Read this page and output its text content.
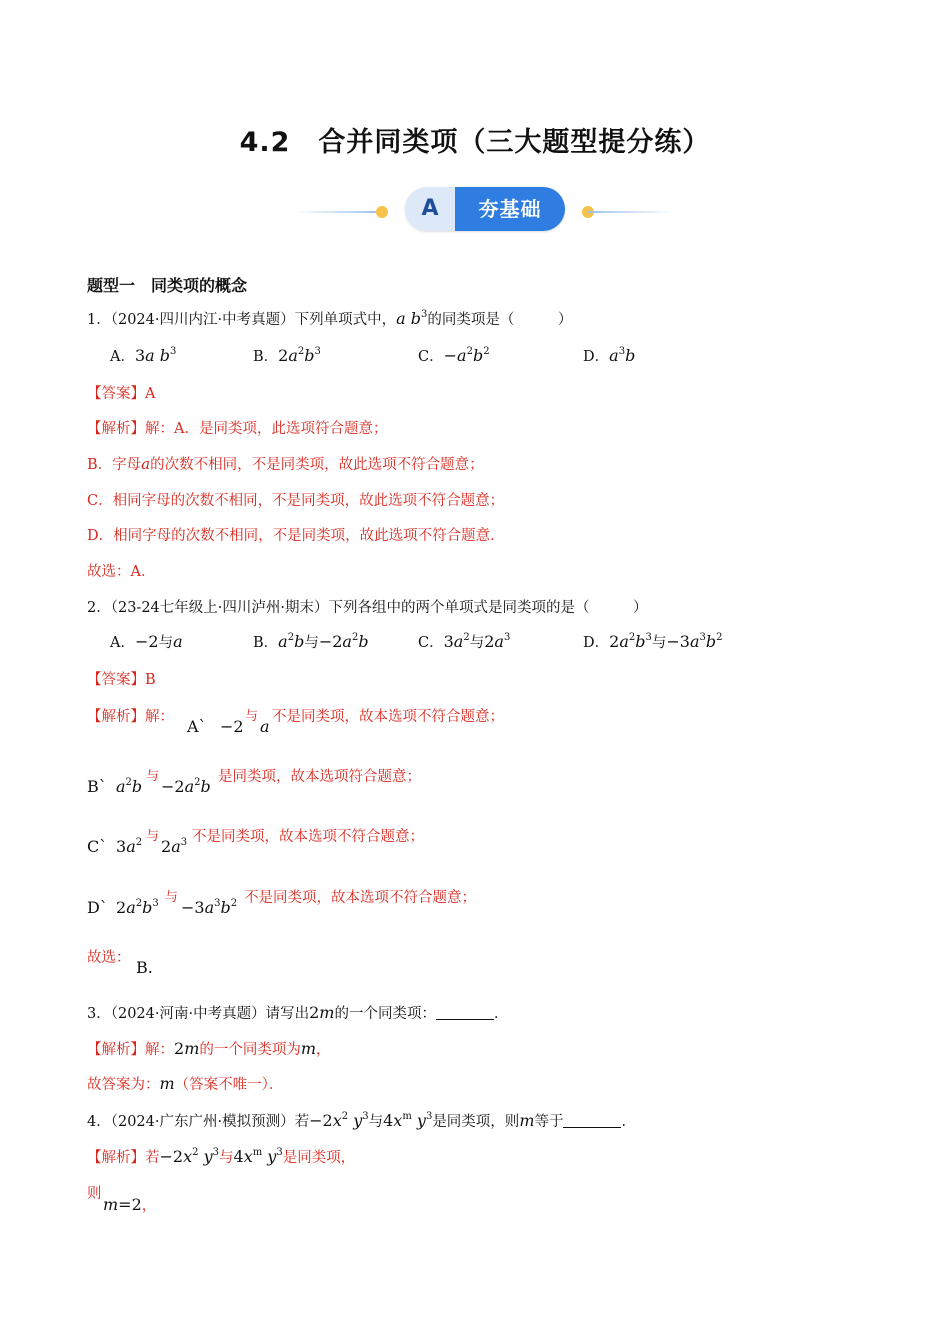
4.2　合并同类项（三大题型提分练）
A	夯基础
题型一　同类项的概念
1．（2024·四川内江·中考真题）下列单项式中，a $b^3$的同类项是（　　　）
A．3a $b^3$	B．$2a^2b^3$	C．$-a^2b^2$	D．$a^3b$
【答案】A
【解析】解：A．是同类项，此选项符合题意；
B．字母a的次数不相同，不是同类项，故此选项不符合题意；
C．相同字母的次数不相同，不是同类项，故此选项不符合题意；
D．相同字母的次数不相同，不是同类项，故此选项不符合题意．
故选：A．
2．（23-24七年级上·四川泸州·期末）下列各组中的两个单项式是同类项的是（　　　）
A．−2与a	B．$a^2b$与$-2a^2b$	C．$3a^2$与$2a^3$	D．$2a^2b^3$与$-3a^3b^2$
【答案】B
【解析】解： A` −2
与
a 不是同类项，故本选项不符合题意；
B` $a^2b$
与
$-2a^2b$ 是同类项，故本选项符合题意；
C` $3a^2$ 与
$2a^3$ 不是同类项，故本选项不符合题意；
D` $2a^2b^3$ 与
$-3a^3b^2$ 不是同类项，故本选项不符合题意；
故选： B.
3．（2024·河南·中考真题）请写出2m的一个同类项：	．
【解析】解：2m的一个同类项为m，
故答案为：m（答案不唯一）．
4．（2024·广东广州·模拟预测）若$-2x^2$ $y^3$与$4x^m$ $y^3$是同类项，则m等于	．
【解析】若$-2x^2$ $y^3$与$4x^m$ $y^3$是同类项，
则
m=2，
